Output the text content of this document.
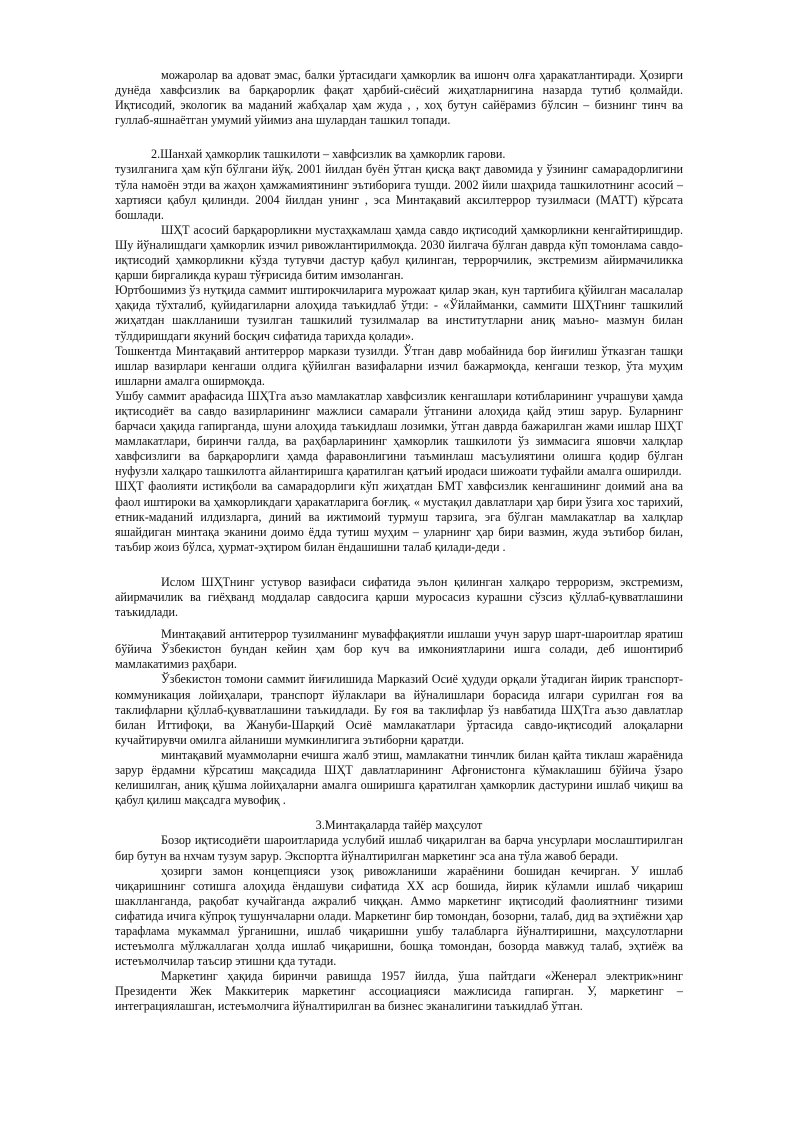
можаролар ва адоват эмас, балки ўртасидаги ҳамкорлик ва ишонч олға ҳаракатлантиради. Ҳозирги дунёда хавфсизлик ва барқарорлик фақат ҳарбий-сиёсий жиҳатларнигина назарда тутиб қолмайди. Иқтисодий, экологик ва маданий жабҳалар ҳам жуда , , хоҳ бутун сайёрамиз бўлсин – бизнинг тинч ва гуллаб-яшнаётган умумий уйимиз ана шулардан ташкил топади.

2.Шанхай ҳамкорлик ташкилоти – хавфсизлик ва ҳамкорлик гарови.

тузилганига ҳам кўп бўлгани йўқ. 2001 йилдан буён ўтган қисқа вақт давомида у ўзининг самарадорлигини тўла намоён этди ва жаҳон ҳамжамиятининг эътиборига тушди. 2002 йили шаҳрида ташкилотнинг асосий – хартияси қабул қилинди. 2004 йилдан унинг , эса Минтақавий аксилтеррор тузилмаси (МАТТ) кўрсата бошлади.

ШҲТ асосий барқарорликни мустаҳкамлаш ҳамда савдо иқтисодий ҳамкорликни кенгайтиришдир. Шу йўналишдаги ҳамкорлик изчил ривожлантирилмоқда. 2030 йилгача бўлган даврда кўп томонлама савдо-иқтисодий ҳамкорликни кўзда тутувчи дастур қабул қилинган, террорчилик, экстремизм айирмачиликка қарши биргаликда кураш тўғрисида битим имзоланган.

Юртбошимиз ўз нутқида саммит иштирокчиларига мурожаат қилар экан, кун тартибига қўйилган масалалар ҳақида тўхталиб, қуйидагиларни алоҳида таъкидлаб ўтди: - «Ўйлайманки, саммити ШҲТнинг ташкилий жиҳатдан шаклланиши тузилган ташкилий тузилмалар ва институтларни аниқ маъно- мазмун билан тўлдиришдаги якуний босқич сифатида тарихда қолади».

Тошкентда Минтақавий антитеррор маркази тузилди. Ўтган давр мобайнида бор йиғилиш ўтказган ташқи ишлар вазирлари кенгаши олдига қўйилган вазифаларни изчил бажармоқда, кенгаши тезкор, ўта муҳим ишларни амалга оширмоқда.

Ушбу саммит арафасида ШҲТга аъзо мамлакатлар хавфсизлик кенгашлари котибларининг учрашуви ҳамда иқтисодиёт ва савдо вазирларининг мажлиси самарали ўтганини алоҳида қайд этиш зарур. Буларнинг барчаси ҳақида гапирганда, шуни алоҳида таъкидлаш лозимки, ўтган даврда бажарилган жами ишлар ШҲТ мамлакатлари, биринчи галда, ва раҳбарларининг ҳамкорлик ташкилоти ўз зиммасига яшовчи халқлар хавфсизлиги ва барқарорлиги ҳамда фаравонлигини таъминлаш масъулиятини олишга қодир бўлган нуфузли халқаро ташкилотга айлантиришга қаратилган қатъий иродаси шижоати туфайли амалга оширилди.

ШҲТ фаолияти истиқболи ва самарадорлиги кўп жиҳатдан БМТ хавфсизлик кенгашининг доимий ана ва фаол иштироки ва ҳамкорликдаги ҳаракатларига боғлиқ. « мустақил давлатлари ҳар бири ўзига хос тарихий, етник-маданий илдизларга, диний ва ижтимоий турмуш тарзига, эга бўлган мамлакатлар ва халқлар яшайдиган минтақа эканини доимо ёдда тутиш муҳим – уларнинг ҳар бири вазмин, жуда эътибор билан, таъбир жоиз бўлса, ҳурмат-эҳтиром билан ёндашишни талаб қилади-деди .

Ислом ШҲТнинг устувор вазифаси сифатида эълон қилинган халқаро терроризм, экстремизм, айирмачилик ва гиёҳванд моддалар савдосига қарши муросасиз курашни сўзсиз қўллаб-қувватлашини таъкидлади.

Минтақавий антитеррор тузилманинг муваффақиятли ишлаши учун зарур шарт-шароитлар яратиш бўйича Ўзбекистон бундан кейин ҳам бор куч ва имкониятларини ишга солади, деб ишонтириб мамлакатимиз раҳбари.

Ўзбекистон томони саммит йиғилишида Марказий Осиё ҳудуди орқали ўтадиган йирик транспорт-коммуникация лойиҳалари, транспорт йўлаклари ва йўналишлари борасида илгари сурилган ғоя ва таклифларни қўллаб-қувватлашини таъкидлади. Бу ғоя ва таклифлар ўз навбатида ШҲТга аъзо давлатлар билан Иттифоқи, ва Жануби-Шарқий Осиё мамлакатлари ўртасида савдо-иқтисодий алоқаларни кучайтирувчи омилга айланиши мумкинлигига эътиборни қаратди.

минтақавий муаммоларни ечишга жалб этиш, мамлакатни тинчлик билан қайта тиклаш жараёнида зарур ёрдамни кўрсатиш мақсадида ШҲТ давлатларининг Афғонистонга кўмаклашиш бўйича ўзаро келишилган, аниқ қўшма лойиҳаларни амалга оширишга қаратилган ҳамкорлик дастурини ишлаб чиқиш ва қабул қилиш мақсадга мувофиқ .

3.Минтақаларда тайёр маҳсулот

Бозор иқтисодиёти шароитларида услубий ишлаб чиқарилган ва барча унсурлари мослаштирилган бир бутун ва нхчам тузум зарур. Экспортга йўналтирилган маркетинг эса ана тўла жавоб беради.

ҳозирги замон концепцияси узоқ ривожланиши жараёнини бошидан кечирган. У ишлаб чиқаришнинг сотишга алоҳида ёндашуви сифатида XX аср бошида, йирик кўламли ишлаб чиқариш шаклланганда, рақобат кучайганда ажралиб чиққан. Аммо маркетинг иқтисодий фаолиятнинг тизими сифатида ичига кўпроқ тушунчаларни олади. Маркетинг бир томондан, бозорни, талаб, дид ва эҳтиёжни ҳар тарафлама мукаммал ўрганишни, ишлаб чиқаришни ушбу талабларга йўналтиришни, маҳсулотларни истеъмолга мўлжаллаган ҳолда ишлаб чиқаришни, бошқа томондан, бозорда мавжуд талаб, эҳтиёж ва истеъмолчилар таъсир этишни қда тутади.

Маркетинг ҳақида биринчи равишда 1957 йилда, ўша пайтдаги «Женерал электрик»нинг Президенти Жек Маккитерик маркетинг ассоциацияси мажлисида гапирган. У, маркетинг – интеграциялашган, истеъмолчига йўналтирилган ва бизнес эканалигини таъкидлаб ўтган.
